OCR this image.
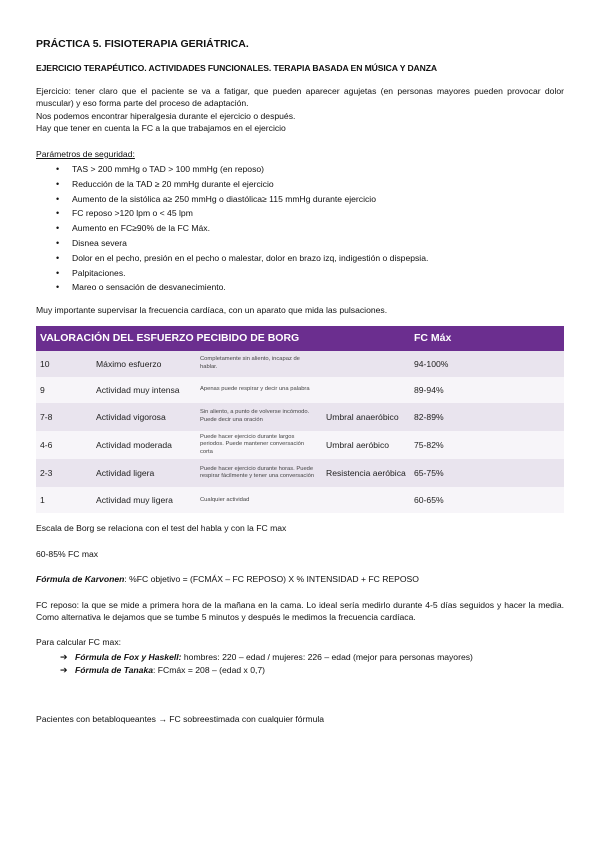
PRÁCTICA 5. FISIOTERAPIA GERIÁTRICA.
EJERCICIO TERAPÉUTICO. ACTIVIDADES FUNCIONALES. TERAPIA BASADA EN MÚSICA Y DANZA

Ejercicio: tener claro que el paciente se va a fatigar, que pueden aparecer agujetas (en personas mayores pueden provocar dolor muscular) y eso forma parte del proceso de adaptación.

Nos podemos encontrar hiperalgesia durante el ejercicio o después.

Hay que tener en cuenta la FC a la que trabajamos en el ejercicio

Parámetros de seguridad:

• TAS > 200 mmHg o TAD > 100 mmHg (en reposo)
• Reducción de la TAD ≥ 20 mmHg durante el ejercicio
• Aumento de la sistólica a≥ 250 mmHg o diastólica≥ 115 mmHg durante ejercicio
• FC reposo >120 lpm o < 45 lpm
• Aumento en FC≥90% de la FC Máx.
• Disnea severa
• Dolor en el pecho, presión en el pecho o malestar, dolor en brazo izq, indigestión o dispepsia.
• Palpitaciones.
• Mareo o sensación de desvanecimiento.

Muy importante supervisar la frecuencia cardíaca, con un aparato que mida las pulsaciones.

VALORACIÓN DEL ESFUERZO PECIBIDO DE BORG				FC Máx
10	Máximo esfuerzo	Completamente sin aliento, incapaz de hablar.		94-100%
9	Actividad muy intensa	Apenas puede respirar y decir una palabra		89-94%
7-8	Actividad vigorosa	Sin aliento, a punto de volverse incómodo. Puede decir una oración	Umbral anaeróbico	82-89%
4-6	Actividad moderada	Puede hacer ejercicio durante largos periodos. Puede mantener conversación corta	Umbral aeróbico	75-82%
2-3	Actividad ligera	Puede hacer ejercicio durante horas. Puede respirar fácilmente y tener una conversación	Resistencia aeróbica	65-75%
1	Actividad muy ligera	Cualquier actividad		60-65%

Escala de Borg se relaciona con el test del habla y con la FC max

60-85% FC max

Fórmula de Karvonen: %FC objetivo = (FCMÁX – FC REPOSO) X % INTENSIDAD + FC REPOSO

FC reposo: la que se mide a primera hora de la mañana en la cama. Lo ideal sería medirlo durante 4-5 días seguidos y hacer la media. Como alternativa le dejamos que se tumbe 5 minutos y después le medimos la frecuencia cardíaca.

Para calcular FC max:

➔ Fórmula de Fox y Haskell: hombres: 220 – edad / mujeres: 226 – edad (mejor para personas mayores)
➔ Fórmula de Tanaka: FCmáx = 208 – (edad x 0,7)

Pacientes con betabloqueantes → FC sobreestimada con cualquier fórmula
